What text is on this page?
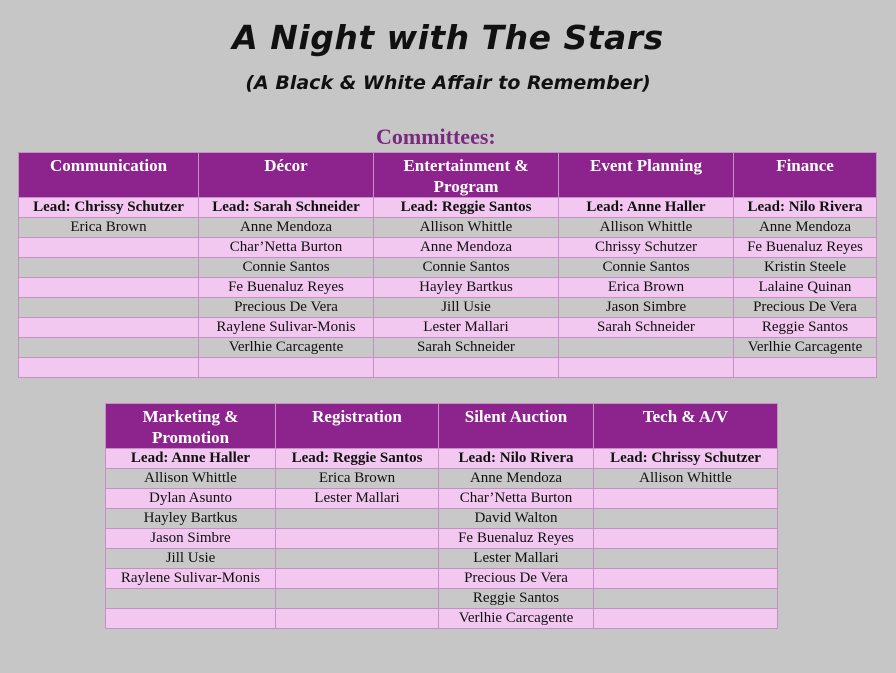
A Night with The Stars
(A Black & White Affair to Remember)
Committees:
Communication	Décor	Entertainment & Program	Event Planning	Finance
Lead: Chrissy Schutzer	Lead: Sarah Schneider	Lead: Reggie Santos	Lead: Anne Haller	Lead: Nilo Rivera
Erica Brown	Anne Mendoza	Allison Whittle	Allison Whittle	Anne Mendoza
	Char’Netta Burton	Anne Mendoza	Chrissy Schutzer	Fe Buenaluz Reyes
	Connie Santos	Connie Santos	Connie Santos	Kristin Steele
	Fe Buenaluz Reyes	Hayley Bartkus	Erica Brown	Lalaine Quinan
	Precious De Vera	Jill Usie	Jason Simbre	Precious De Vera
	Raylene Sulivar-Monis	Lester Mallari	Sarah Schneider	Reggie Santos
	Verlhie Carcagente	Sarah Schneider		Verlhie Carcagente

Marketing & Promotion	Registration	Silent Auction	Tech & A/V
Lead: Anne Haller	Lead: Reggie Santos	Lead: Nilo Rivera	Lead: Chrissy Schutzer
Allison Whittle	Erica Brown	Anne Mendoza	Allison Whittle
Dylan Asunto	Lester Mallari	Char’Netta Burton	
Hayley Bartkus		David Walton	
Jason Simbre		Fe Buenaluz Reyes	
Jill Usie		Lester Mallari	
Raylene Sulivar-Monis		Precious De Vera	
		Reggie Santos	
		Verlhie Carcagente	
